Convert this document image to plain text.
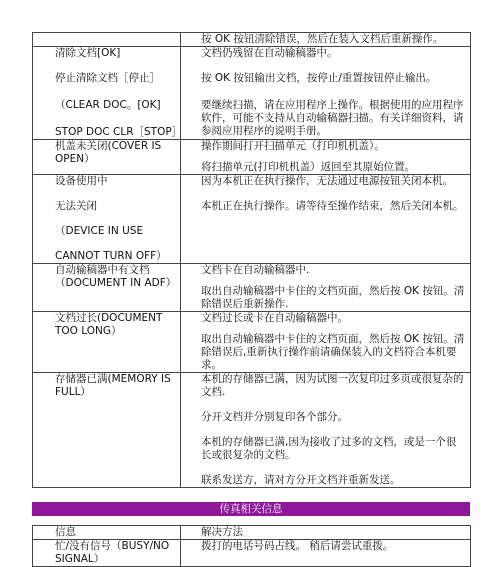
	按 OK 按钮清除错误，然后在装入文档后重新操作。

清除文档[OK]
停止清除文档［停止］
（CLEAR DOC。[OK]
STOP DOC CLR［STOP］	文档仍残留在自动输稿器中。
按 OK 按钮输出文档，按停止/重置按钮停止输出。
要继续扫描，请在应用程序上操作。根据使用的应用程序软件，可能不支持从自动输稿器扫描。有关详细资料，请参阅应用程序的说明手册。

机盖未关闭(COVER IS OPEN）	操作期间打开扫描单元（打印机机盖）。
将扫描单元(打印机机盖）返回至其原始位置。

设备使用中
无法关闭
（DEVICE IN USE
CANNOT TURN OFF）	因为本机正在执行操作，无法通过电源按钮关闭本机。
本机正在执行操作。请等待至操作结束，然后关闭本机。

自动输稿器中有文档（DOCUMENT IN ADF）	文档卡在自动输稿器中.
取出自动输稿器中卡住的文档页面，然后按 OK 按钮。清除错误后重新操作.

文档过长(DOCUMENT TOO LONG）	文档过长或卡在自动输稿器中。
取出自动输稿器中卡住的文档页面，然后按 OK 按钮。清除错误后,重新执行操作前请确保装入的文档符合本机要求。

存储器已满(MEMORY IS FULL）	本机的存储器已满，因为试图一次复印过多页或很复杂的文档.
分开文档并分别复印各个部分。
本机的存储器已满,因为接收了过多的文档，或是一个很长或很复杂的文档。
联系发送方，请对方分开文档并重新发送。
传真相关信息
信息	解决方法

忙/没有信号（BUSY/NO SIGNAL）	拨打的电话号码占线。 稍后请尝试重拨。
